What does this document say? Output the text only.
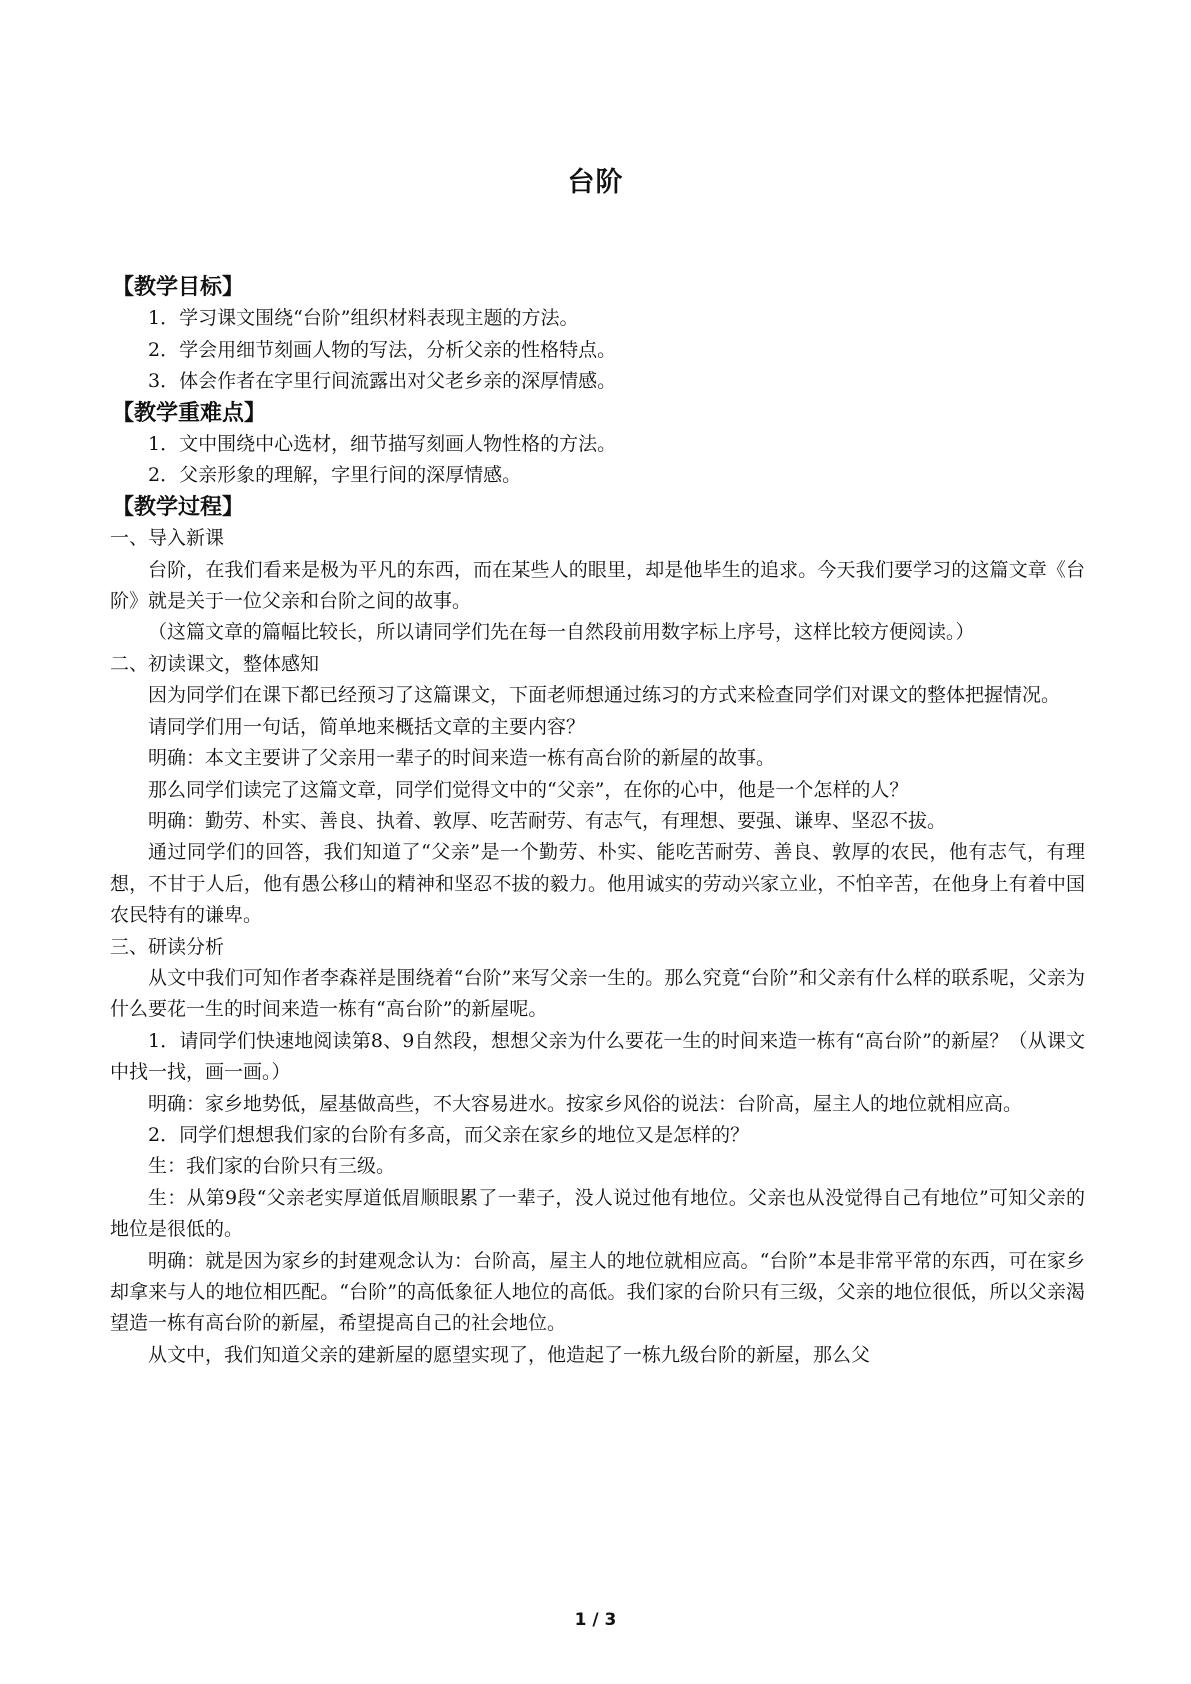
台阶
【教学目标】

1．学习课文围绕“台阶”组织材料表现主题的方法。

2．学会用细节刻画人物的写法，分析父亲的性格特点。

3．体会作者在字里行间流露出对父老乡亲的深厚情感。

【教学重难点】

1．文中围绕中心选材，细节描写刻画人物性格的方法。

2．父亲形象的理解，字里行间的深厚情感。

【教学过程】

一、导入新课

台阶，在我们看来是极为平凡的东西，而在某些人的眼里，却是他毕生的追求。今天我们要学习的这篇文章《台阶》就是关于一位父亲和台阶之间的故事。

（这篇文章的篇幅比较长，所以请同学们先在每一自然段前用数字标上序号，这样比较方便阅读。）

二、初读课文，整体感知

因为同学们在课下都已经预习了这篇课文，下面老师想通过练习的方式来检查同学们对课文的整体把握情况。

请同学们用一句话，简单地来概括文章的主要内容？

明确：本文主要讲了父亲用一辈子的时间来造一栋有高台阶的新屋的故事。

那么同学们读完了这篇文章，同学们觉得文中的“父亲”，在你的心中，他是一个怎样的人？

明确：勤劳、朴实、善良、执着、敦厚、吃苦耐劳、有志气，有理想、要强、谦卑、坚忍不拔。

通过同学们的回答，我们知道了“父亲”是一个勤劳、朴实、能吃苦耐劳、善良、敦厚的农民，他有志气，有理想，不甘于人后，他有愚公移山的精神和坚忍不拔的毅力。他用诚实的劳动兴家立业，不怕辛苦，在他身上有着中国农民特有的谦卑。

三、研读分析

从文中我们可知作者李森祥是围绕着“台阶”来写父亲一生的。那么究竟“台阶”和父亲有什么样的联系呢，父亲为什么要花一生的时间来造一栋有“高台阶”的新屋呢。

1．请同学们快速地阅读第8、9自然段，想想父亲为什么要花一生的时间来造一栋有“高台阶”的新屋？（从课文中找一找，画一画。）

明确：家乡地势低，屋基做高些，不大容易进水。按家乡风俗的说法：台阶高，屋主人的地位就相应高。

2．同学们想想我们家的台阶有多高，而父亲在家乡的地位又是怎样的？

生：我们家的台阶只有三级。

生：从第9段“父亲老实厚道低眉顺眼累了一辈子，没人说过他有地位。父亲也从没觉得自己有地位”可知父亲的地位是很低的。

明确：就是因为家乡的封建观念认为：台阶高，屋主人的地位就相应高。“台阶”本是非常平常的东西，可在家乡却拿来与人的地位相匹配。“台阶”的高低象征人地位的高低。我们家的台阶只有三级，父亲的地位很低，所以父亲渴望造一栋有高台阶的新屋，希望提高自己的社会地位。

从文中，我们知道父亲的建新屋的愿望实现了，他造起了一栋九级台阶的新屋，那么父

1 / 3
